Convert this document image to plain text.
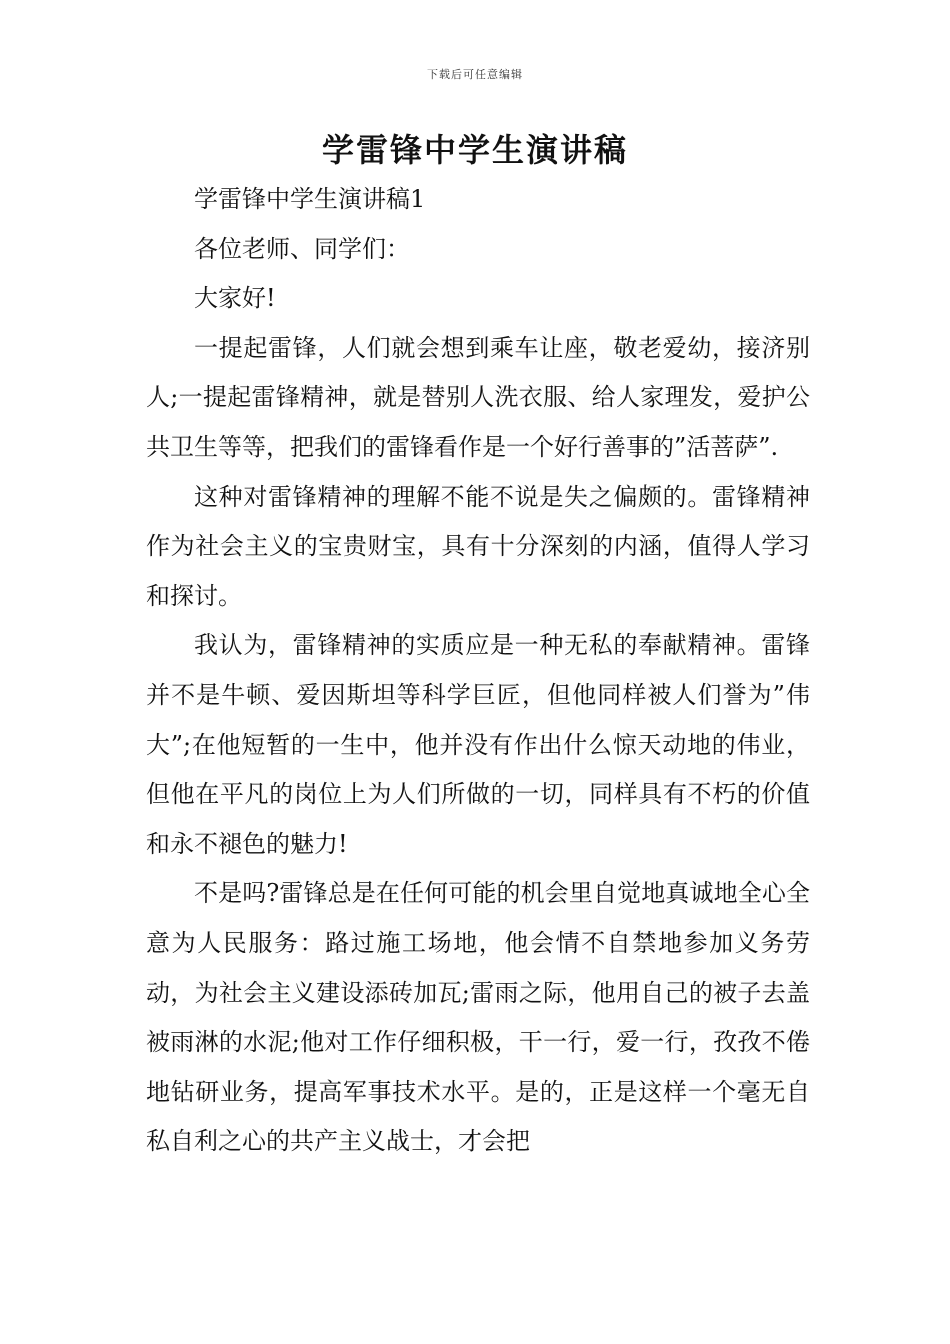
下载后可任意编辑
学雷锋中学生演讲稿

学雷锋中学生演讲稿1

各位老师、同学们：

大家好!

一提起雷锋，人们就会想到乘车让座，敬老爱幼，接济别人;一提起雷锋精神，就是替别人洗衣服、给人家理发，爱护公共卫生等等，把我们的雷锋看作是一个好行善事的”活菩萨”.

这种对雷锋精神的理解不能不说是失之偏颇的。雷锋精神作为社会主义的宝贵财宝，具有十分深刻的内涵，值得人学习和探讨。

我认为，雷锋精神的实质应是一种无私的奉献精神。雷锋并不是牛顿、爱因斯坦等科学巨匠，但他同样被人们誉为”伟大”;在他短暂的一生中，他并没有作出什么惊天动地的伟业，但他在平凡的岗位上为人们所做的一切，同样具有不朽的价值和永不褪色的魅力!

不是吗?雷锋总是在任何可能的机会里自觉地真诚地全心全意为人民服务：路过施工场地，他会情不自禁地参加义务劳动，为社会主义建设添砖加瓦;雷雨之际，他用自己的被子去盖被雨淋的水泥;他对工作仔细积极，干一行，爱一行，孜孜不倦地钻研业务，提高军事技术水平。是的，正是这样一个毫无自私自利之心的共产主义战士，才会把
